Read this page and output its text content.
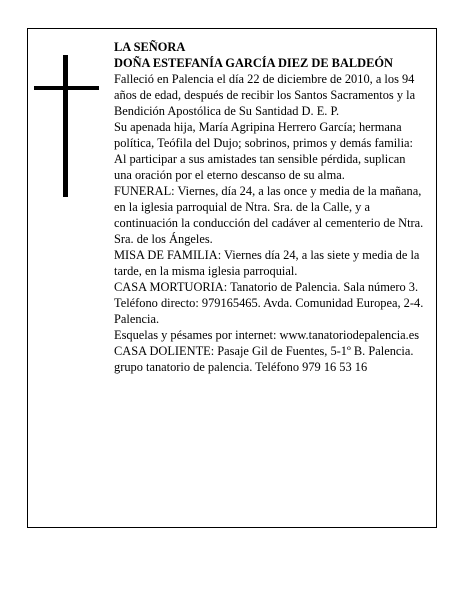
LA SEÑORA

DOÑA ESTEFANÍA GARCÍA DIEZ DE BALDEÓN

Falleció en Palencia el día 22 de diciembre de 2010, a los 94 años de edad, después de recibir los Santos Sacramentos y la Bendición Apostólica de Su Santidad D. E. P.

Su apenada hija, María Agripina Herrero García; hermana política, Teófila del Dujo; sobrinos, primos y demás familia:

Al participar a sus amistades tan sensible pérdida, suplican una oración por el eterno descanso de su alma.

FUNERAL: Viernes, día 24, a las once y media de la mañana, en la iglesia parroquial de Ntra. Sra. de la Calle, y a continuación la conducción del cadáver al cementerio de Ntra. Sra. de los Ángeles.

MISA DE FAMILIA: Viernes día 24, a las siete y media de la tarde, en la misma iglesia parroquial.

CASA MORTUORIA: Tanatorio de Palencia. Sala número 3. Teléfono directo: 979165465. Avda. Comunidad Europea, 2-4. Palencia.

Esquelas y pésames por internet: www.tanatoriodepalencia.es

CASA DOLIENTE: Pasaje Gil de Fuentes, 5-1º B. Palencia.

grupo tanatorio de palencia. Teléfono 979 16 53 16
